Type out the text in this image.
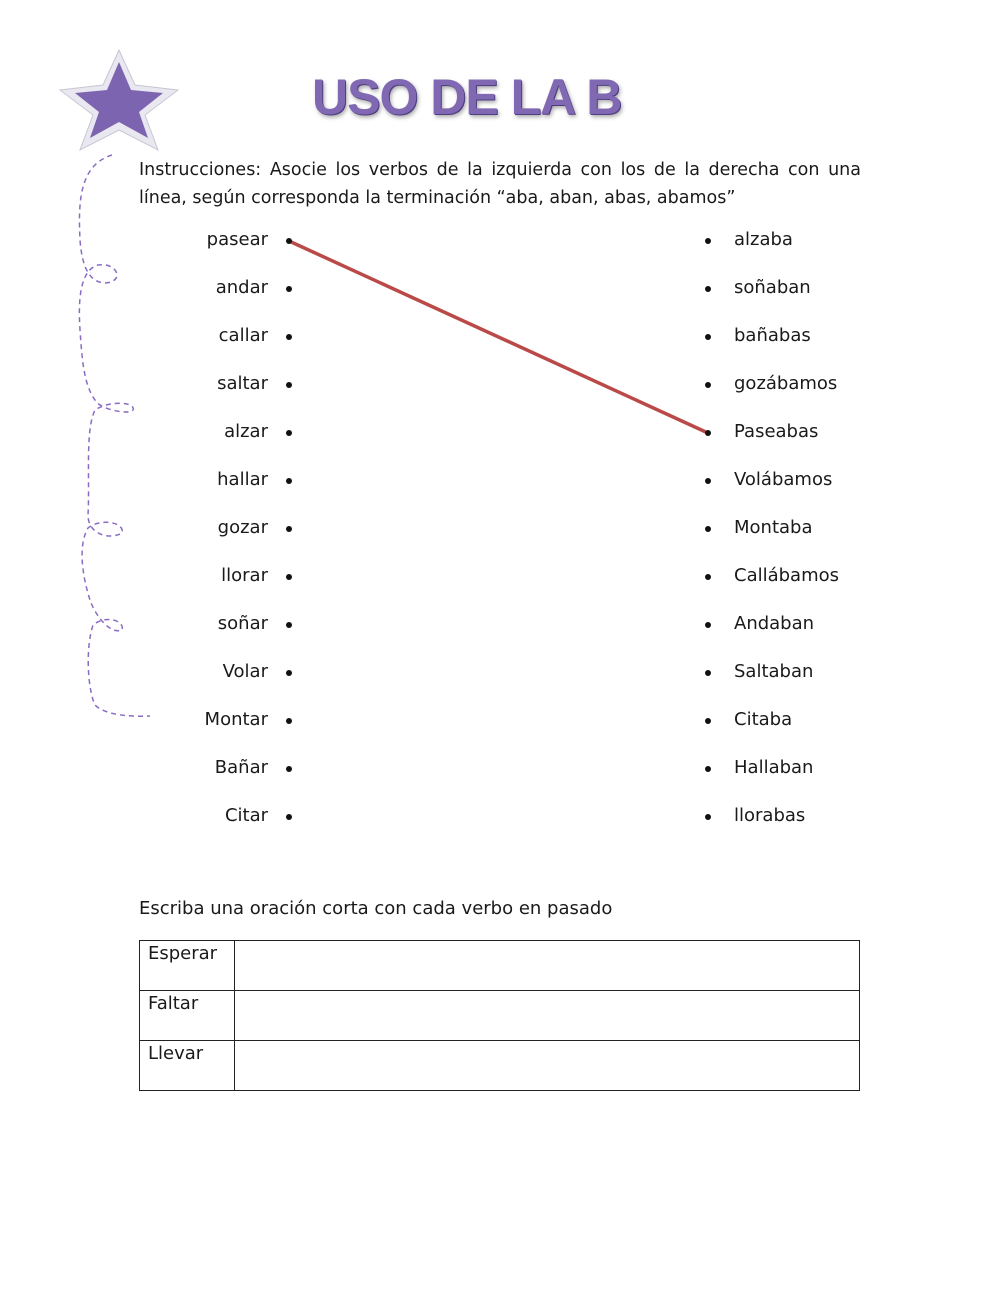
USO DE LA B
Instrucciones: Asocie los verbos de la izquierda con los de la derecha con una línea, según corresponda la terminación “aba, aban, abas, abamos”
pasear
andar
callar
saltar
alzar
hallar
gozar
llorar
soñar
Volar
Montar
Bañar
Citar
alzaba
soñaban
bañabas
gozábamos
Paseabas
Volábamos
Montaba
Callábamos
Andaban
Saltaban
Citaba
Hallaban
llorabas
Escriba una oración corta con cada verbo en pasado
Esperar	
Faltar	
Llevar	
